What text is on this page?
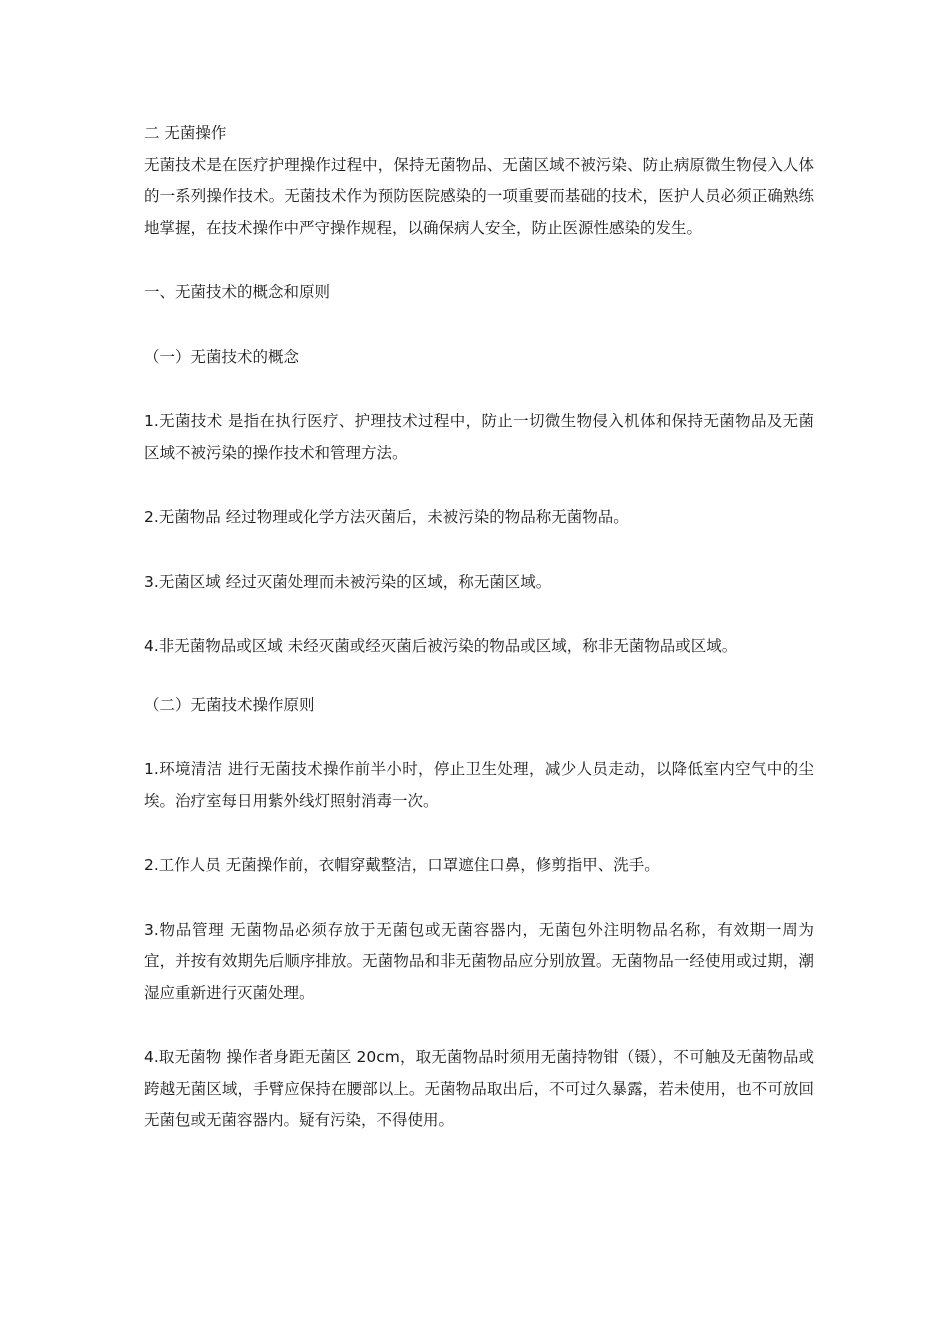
二 无菌操作

无菌技术是在医疗护理操作过程中，保持无菌物品、无菌区域不被污染、防止病原微生物侵入人体的一系列操作技术。无菌技术作为预防医院感染的一项重要而基础的技术，医护人员必须正确熟练地掌握，在技术操作中严守操作规程，以确保病人安全，防止医源性感染的发生。

一、无菌技术的概念和原则

（一）无菌技术的概念

1.无菌技术 是指在执行医疗、护理技术过程中，防止一切微生物侵入机体和保持无菌物品及无菌区域不被污染的操作技术和管理方法。

2.无菌物品 经过物理或化学方法灭菌后，未被污染的物品称无菌物品。

3.无菌区域 经过灭菌处理而未被污染的区域，称无菌区域。

4.非无菌物品或区域 未经灭菌或经灭菌后被污染的物品或区域，称非无菌物品或区域。

（二）无菌技术操作原则

1.环境清洁 进行无菌技术操作前半小时，停止卫生处理，减少人员走动，以降低室内空气中的尘埃。治疗室每日用紫外线灯照射消毒一次。

2.工作人员 无菌操作前，衣帽穿戴整洁，口罩遮住口鼻，修剪指甲、洗手。

3.物品管理 无菌物品必须存放于无菌包或无菌容器内，无菌包外注明物品名称，有效期一周为宜，并按有效期先后顺序排放。无菌物品和非无菌物品应分别放置。无菌物品一经使用或过期，潮湿应重新进行灭菌处理。

4.取无菌物 操作者身距无菌区 20cm，取无菌物品时须用无菌持物钳（镊），不可触及无菌物品或跨越无菌区域，手臂应保持在腰部以上。无菌物品取出后，不可过久暴露，若未使用，也不可放回无菌包或无菌容器内。疑有污染，不得使用。
